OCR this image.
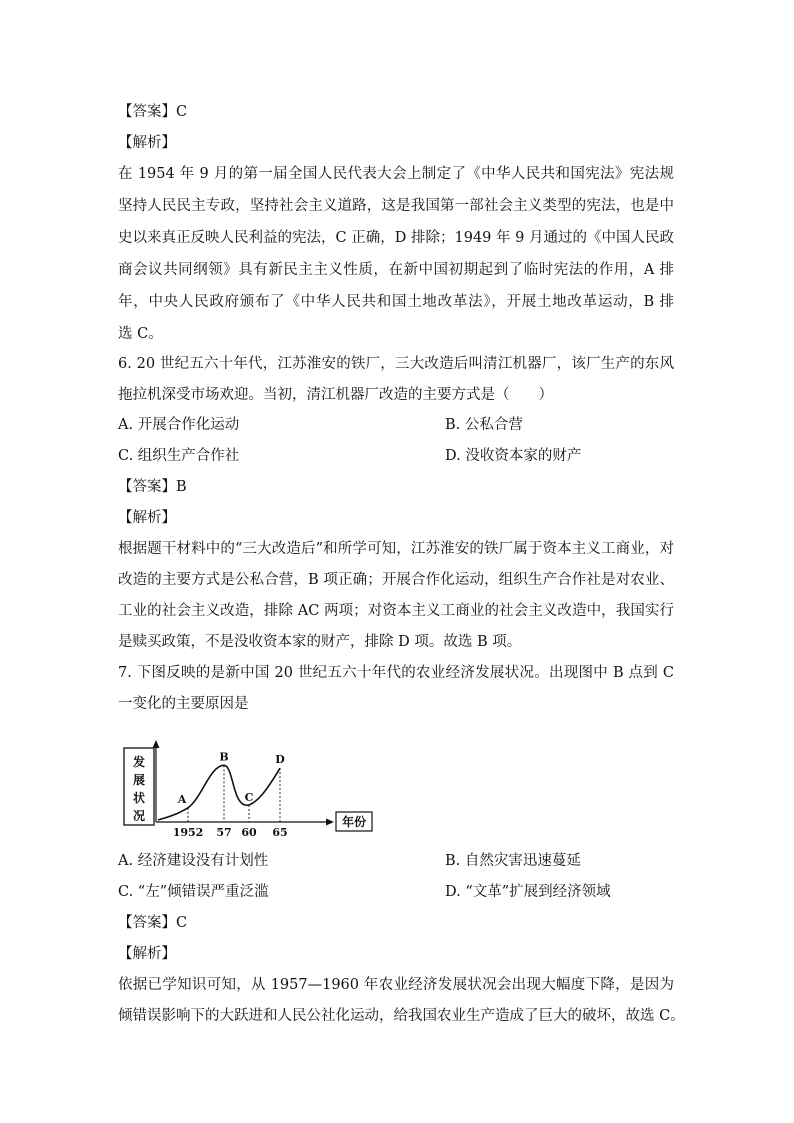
【答案】C
【解析】
在 1954 年 9 月的第一届全国人民代表大会上制定了《中华人民共和国宪法》宪法规
坚持人民民主专政，坚持社会主义道路，这是我国第一部社会主义类型的宪法，也是中
史以来真正反映人民利益的宪法，C 正确，D 排除；1949 年 9 月通过的《中国人民政
商会议共同纲领》具有新民主主义性质，在新中国初期起到了临时宪法的作用，A 排
年，中央人民政府颁布了《中华人民共和国土地改革法》，开展土地改革运动，B 排
选 C。
6. 20 世纪五六十年代，江苏淮安的铁厂，三大改造后叫清江机器厂，该厂生产的东风
拖拉机深受市场欢迎。当初，清江机器厂改造的主要方式是（　　）
A. 开展合作化运动	B. 公私合营
C. 组织生产合作社	D. 没收资本家的财产
【答案】B
【解析】
根据题干材料中的“三大改造后”和所学可知，江苏淮安的铁厂属于资本主义工商业，对
改造的主要方式是公私合营，B 项正确；开展合作化运动，组织生产合作社是对农业、
工业的社会主义改造，排除 AC 两项；对资本主义工商业的社会主义改造中，我国实行
是赎买政策，不是没收资本家的财产，排除 D 项。故选 B 项。
7. 下图反映的是新中国 20 世纪五六十年代的农业经济发展状况。出现图中 B 点到 C
一变化的主要原因是
发
展
状
况	年份
A
1952
B
57
C
60
D
65
A. 经济建设没有计划性	B. 自然灾害迅速蔓延
C. “左”倾错误严重泛滥	D. “文革”扩展到经济领域
【答案】C
【解析】
依据已学知识可知，从 1957—1960 年农业经济发展状况会出现大幅度下降，是因为
倾错误影响下的大跃进和人民公社化运动，给我国农业生产造成了巨大的破坏，故选 C。
